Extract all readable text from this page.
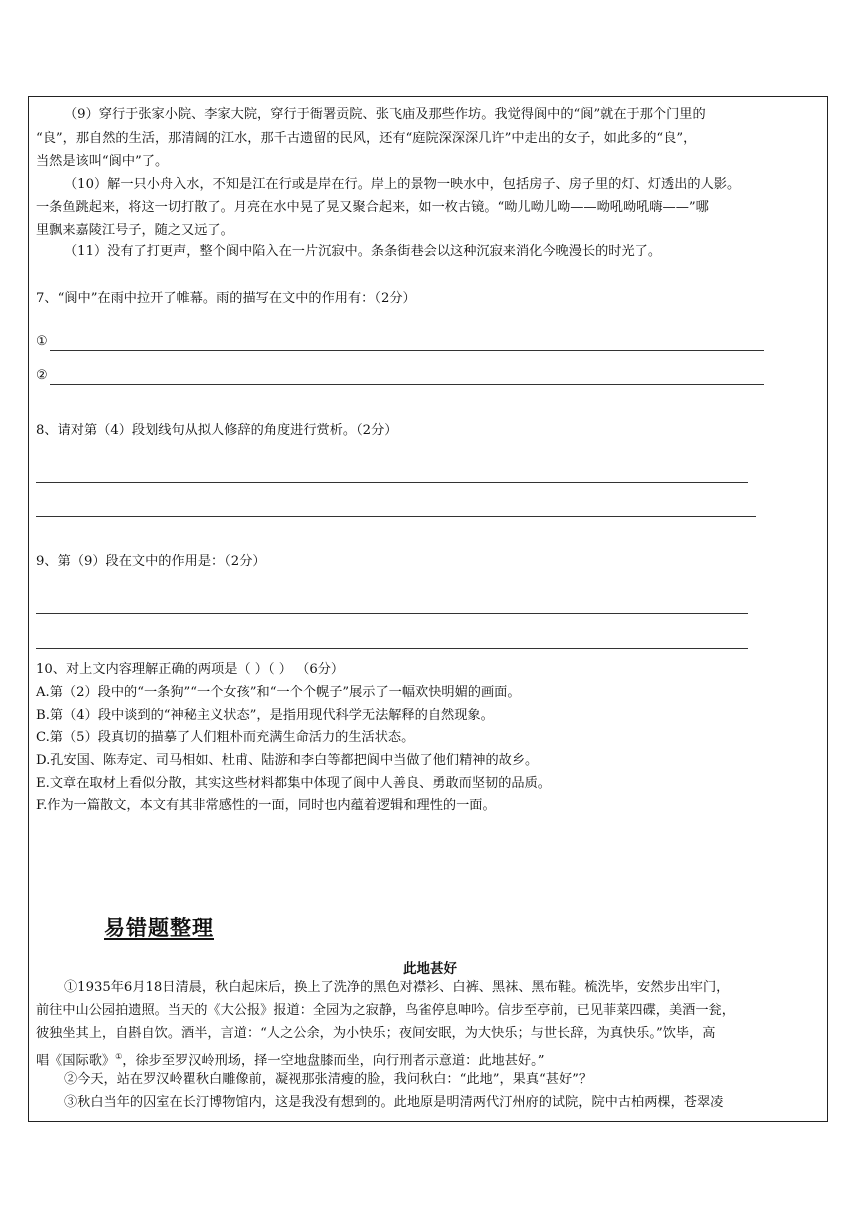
（9）穿行于张家小院、李家大院，穿行于衙署贡院、张飞庙及那些作坊。我觉得阆中的“阆”就在于那个门里的
“良”，那自然的生活，那清阔的江水，那千古遗留的民风，还有“庭院深深深几许”中走出的女子，如此多的“良”，
当然是该叫“阆中”了。
（10）解一只小舟入水，不知是江在行或是岸在行。岸上的景物一映水中，包括房子、房子里的灯、灯透出的人影。
一条鱼跳起来，将这一切打散了。月亮在水中晃了晃又聚合起来，如一枚古镜。“呦儿呦儿呦——呦吼呦吼嗨——”哪
里飘来嘉陵江号子，随之又远了。
（11）没有了打更声，整个阆中陷入在一片沉寂中。条条街巷会以这种沉寂来消化今晚漫长的时光了。
7、“阆中”在雨中拉开了帷幕。雨的描写在文中的作用有：（2分）
①
②
8、请对第（4）段划线句从拟人修辞的角度进行赏析。（2分）
9、第（9）段在文中的作用是：（2分）
10、对上文内容理解正确的两项是（ ）（ ） （6分）
A.第（2）段中的“一条狗”“一个女孩”和“一个个幌子”展示了一幅欢快明媚的画面。
B.第（4）段中谈到的“神秘主义状态”，是指用现代科学无法解释的自然现象。
C.第（5）段真切的描摹了人们粗朴而充满生命活力的生活状态。
D.孔安国、陈寿定、司马相如、杜甫、陆游和李白等都把阆中当做了他们精神的故乡。
E.文章在取材上看似分散，其实这些材料都集中体现了阆中人善良、勇敢而坚韧的品质。
F.作为一篇散文，本文有其非常感性的一面，同时也内蕴着逻辑和理性的一面。
易错题整理
此地甚好
①1935年6月18日清晨，秋白起床后，换上了洗净的黑色对襟衫、白裤、黑袜、黑布鞋。梳洗毕，安然步出牢门，
前往中山公园拍遗照。当天的《大公报》报道：全园为之寂静，鸟雀停息呻吟。信步至亭前，已见菲菜四碟，美酒一瓮，
彼独坐其上，自斟自饮。酒半，言道：“人之公余，为小快乐；夜间安眠，为大快乐；与世长辞，为真快乐。”饮毕，高
唱《国际歌》①，徐步至罗汉岭刑场，择一空地盘膝而坐，向行刑者示意道：此地甚好。”
②今天，站在罗汉岭瞿秋白雕像前，凝视那张清瘦的脸，我问秋白：“此地”，果真“甚好”？
③秋白当年的囚室在长汀博物馆内，这是我没有想到的。此地原是明清两代汀州府的试院，院中古柏两棵，苍翠凌
